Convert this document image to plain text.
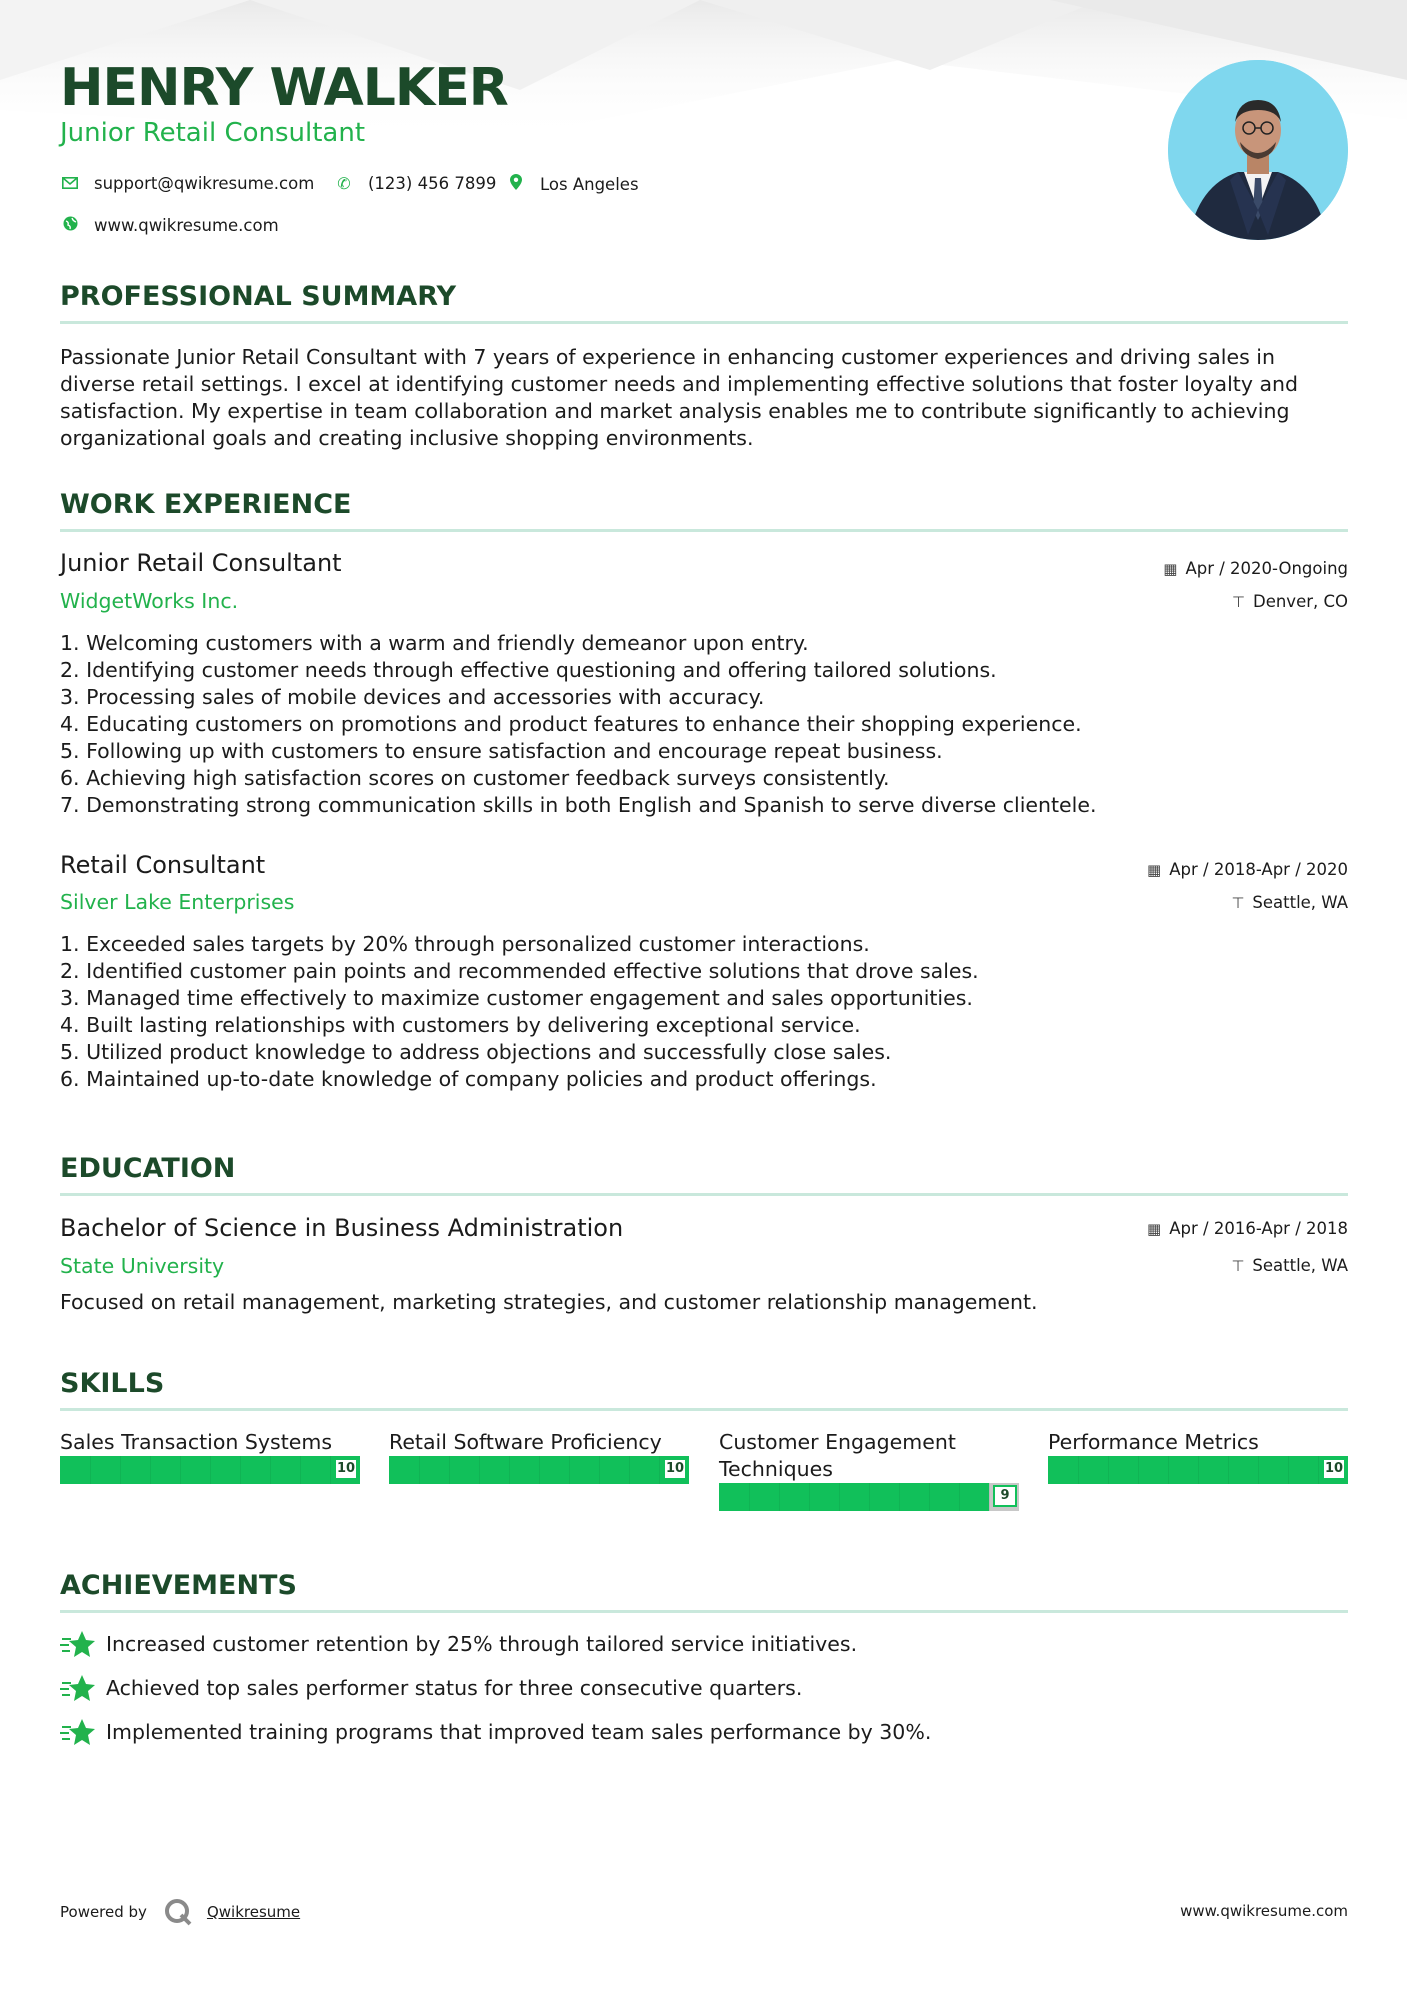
HENRY WALKER
Junior Retail Consultant
support@qwikresume.com ✆ (123) 456 7899	Los Angeles
www.qwikresume.com
PROFESSIONAL SUMMARY
Passionate Junior Retail Consultant with 7 years of experience in enhancing customer experiences and driving sales in
diverse retail settings. I excel at identifying customer needs and implementing effective solutions that foster loyalty and
satisfaction. My expertise in team collaboration and market analysis enables me to contribute significantly to achieving
organizational goals and creating inclusive shopping environments.
WORK EXPERIENCE
Junior Retail Consultant
WidgetWorks Inc.
▦ Apr / 2020-Ongoing
⊤ Denver, CO
1. Welcoming customers with a warm and friendly demeanor upon entry.
2. Identifying customer needs through effective questioning and offering tailored solutions.
3. Processing sales of mobile devices and accessories with accuracy.
4. Educating customers on promotions and product features to enhance their shopping experience.
5. Following up with customers to ensure satisfaction and encourage repeat business.
6. Achieving high satisfaction scores on customer feedback surveys consistently.
7. Demonstrating strong communication skills in both English and Spanish to serve diverse clientele.
Retail Consultant
Silver Lake Enterprises
▦ Apr / 2018-Apr / 2020
⊤ Seattle, WA
1. Exceeded sales targets by 20% through personalized customer interactions.
2. Identified customer pain points and recommended effective solutions that drove sales.
3. Managed time effectively to maximize customer engagement and sales opportunities.
4. Built lasting relationships with customers by delivering exceptional service.
5. Utilized product knowledge to address objections and successfully close sales.
6. Maintained up-to-date knowledge of company policies and product offerings.
EDUCATION
Bachelor of Science in Business Administration
State University
▦ Apr / 2016-Apr / 2018
⊤ Seattle, WA
Focused on retail management, marketing strategies, and customer relationship management.
SKILLS
Sales Transaction Systems
10
Retail Software Proficiency
10
Customer Engagement Techniques
9
Performance Metrics
10
ACHIEVEMENTS
Increased customer retention by 25% through tailored service initiatives.
Achieved top sales performer status for three consecutive quarters.
Implemented training programs that improved team sales performance by 30%.
Powered by	Qwikresume	www.qwikresume.com
